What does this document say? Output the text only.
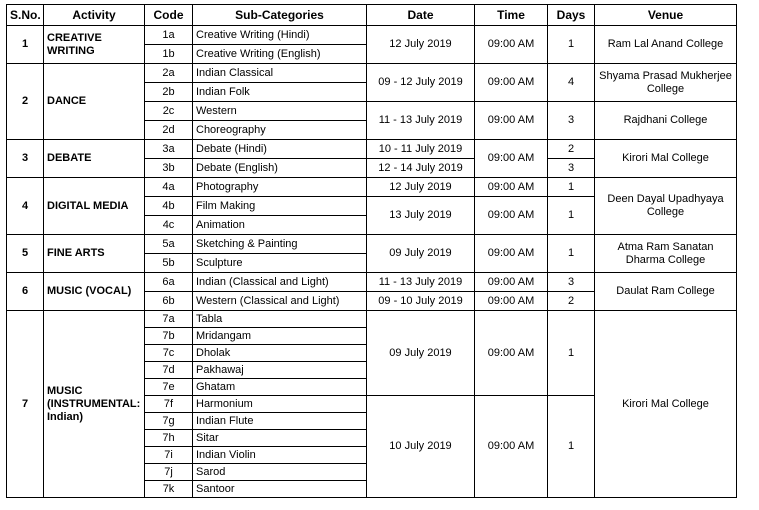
S.No.	Activity	Code	Sub-Categories	Date	Time	Days	Venue
1	CREATIVE WRITING	1a	Creative Writing (Hindi)	12 July 2019	09:00 AM	1	Ram Lal Anand College
		1b	Creative Writing (English)				
2	DANCE	2a	Indian Classical	09 - 12 July 2019	09:00 AM	4	Shyama Prasad Mukherjee College
		2b	Indian Folk				
		2c	Western	11 - 13 July 2019	09:00 AM	3	Rajdhani College
		2d	Choreography				
3	DEBATE	3a	Debate (Hindi)	10 - 11 July 2019	09:00 AM	2	Kirori Mal College
		3b	Debate (English)	12 - 14 July 2019		3	
4	DIGITAL MEDIA	4a	Photography	12 July 2019	09:00 AM	1	Deen Dayal Upadhyaya College
		4b	Film Making	13 July 2019	09:00 AM	1	
		4c	Animation				
5	FINE ARTS	5a	Sketching & Painting	09 July 2019	09:00 AM	1	Atma Ram Sanatan Dharma College
		5b	Sculpture				
6	MUSIC (VOCAL)	6a	Indian (Classical and Light)	11 - 13 July 2019	09:00 AM	3	Daulat Ram College
		6b	Western (Classical and Light)	09 - 10 July 2019	09:00 AM	2	
7	MUSIC (INSTRUMENTAL: Indian)	7a	Tabla	09 July 2019	09:00 AM	1	Kirori Mal College
		7b	Mridangam				
		7c	Dholak				
		7d	Pakhawaj				
		7e	Ghatam				
		7f	Harmonium	10 July 2019	09:00 AM	1	
		7g	Indian Flute				
		7h	Sitar				
		7i	Indian Violin				
		7j	Sarod				
		7k	Santoor				
